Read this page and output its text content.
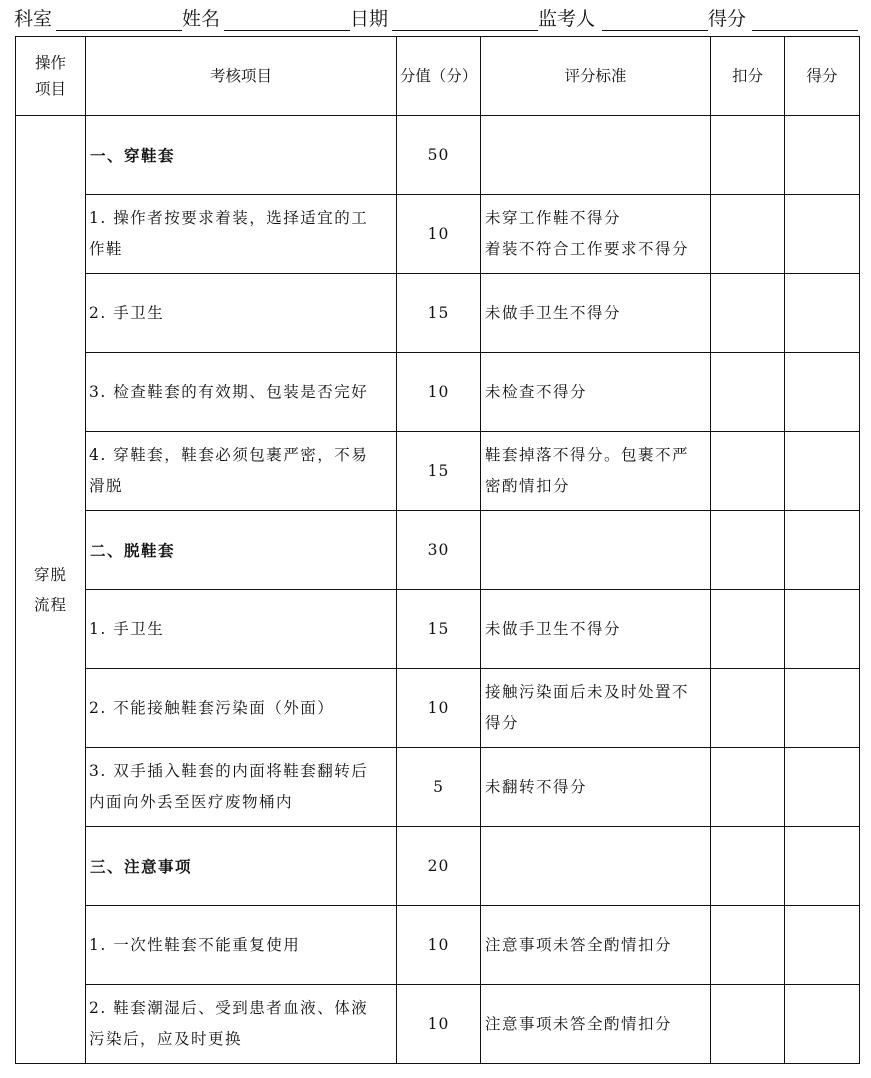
科室	姓名	日期	监考人	得分
操作
项目	考核项目	分值（分）	评分标准	扣分	得分

穿脱
流程	一、穿鞋套	50			

	1. 操作者按要求着装，选择适宜的工
作鞋	10	未穿工作鞋不得分
着装不符合工作要求不得分		

	2. 手卫生	15	未做手卫生不得分		

	3. 检查鞋套的有效期、包装是否完好	10	未检查不得分		

	4. 穿鞋套，鞋套必须包裹严密，不易
滑脱	15	鞋套掉落不得分。包裹不严
密酌情扣分		

	二、脱鞋套	30			

	1. 手卫生	15	未做手卫生不得分		

	2. 不能接触鞋套污染面（外面）	10	接触污染面后未及时处置不
得分		

	3. 双手插入鞋套的内面将鞋套翻转后
内面向外丢至医疗废物桶内	5	未翻转不得分		

	三、注意事项	20			

	1. 一次性鞋套不能重复使用	10	注意事项未答全酌情扣分		

	2. 鞋套潮湿后、受到患者血液、体液
污染后，应及时更换	10	注意事项未答全酌情扣分		
